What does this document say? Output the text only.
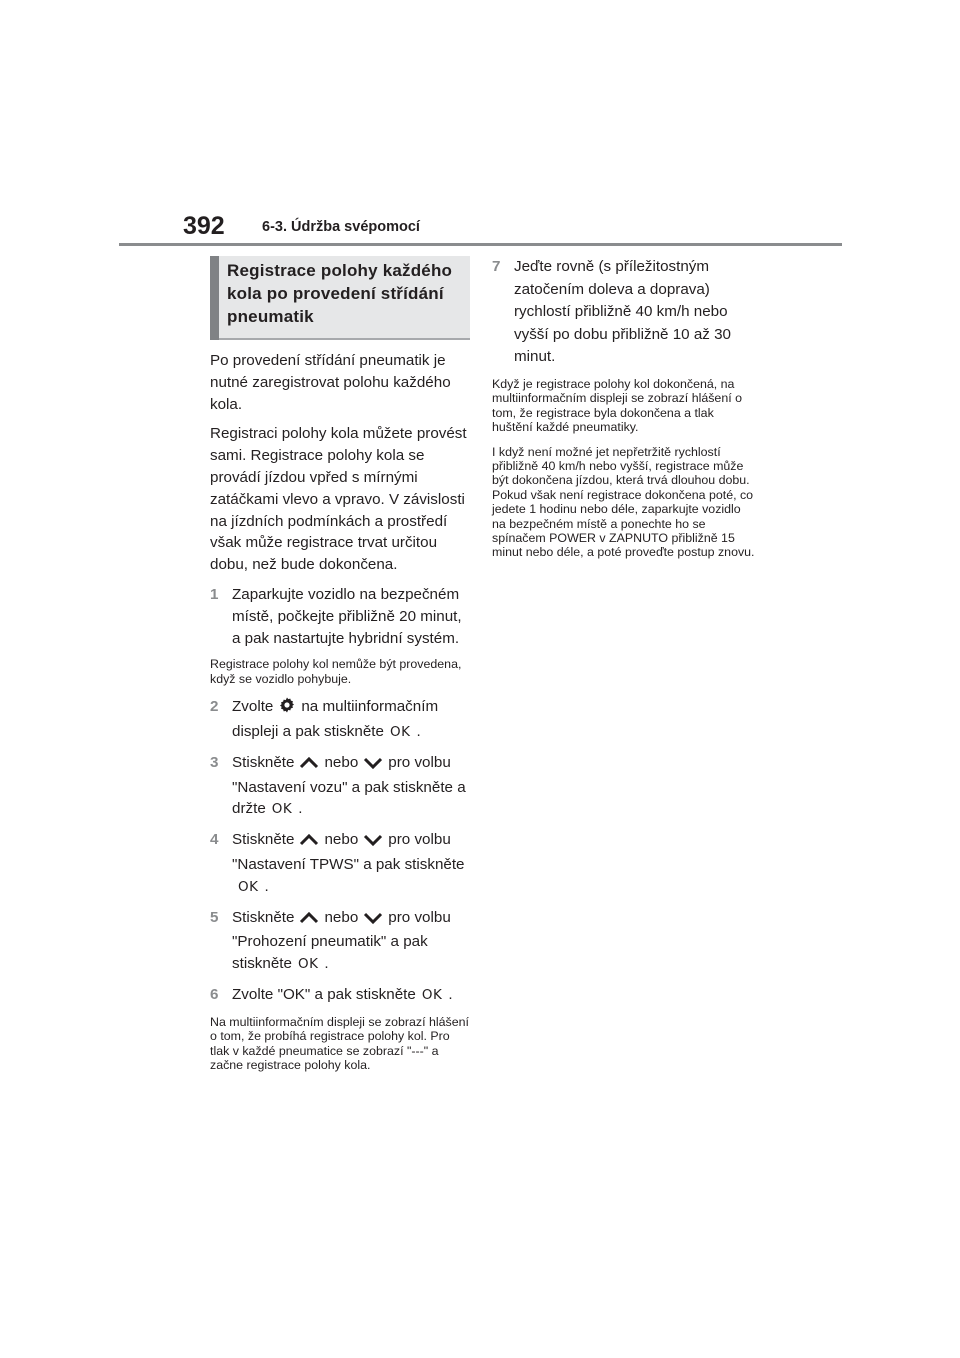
392	6-3. Údržba svépomocí
Registrace polohy každého kola po provedení střídání pneumatik

Po provedení střídání pneumatik je nutné zaregistrovat polohu každého kola.

Registraci polohy kola můžete provést sami. Registrace polohy kola se provádí jízdou vpřed s mírnými zatáčkami vlevo a vpravo. V závislosti na jízdních podmínkách a prostředí však může registrace trvat určitou dobu, než bude dokončena.

1 Zaparkujte vozidlo na bezpečném místě, počkejte přibližně 20 minut, a pak nastartujte hybridní systém.

Registrace polohy kol nemůže být provedena, když se vozidlo pohybuje.

2 Zvolte na multiinformačním displeji a pak stiskněte OK .
3 Stiskněte nebo pro volbu "Nastavení vozu" a pak stiskněte a držte OK .
4 Stiskněte nebo pro volbu "Nastavení TPWS" a pak stiskněteOK .
5 Stiskněte nebo pro volbu "Prohození pneumatik" a pak stiskněte OK .
6 Zvolte "OK" a pak stiskněte OK .

Na multiinformačním displeji se zobrazí hlášení o tom, že probíhá registrace polohy kol. Pro tlak v každé pneumatice se zobrazí "---" a začne registrace polohy kola.

7 Jeďte rovně (s příležitostným zatočením doleva a doprava) rychlostí přibližně 40 km/h nebo vyšší po dobu přibližně 10 až 30 minut.

Když je registrace polohy kol dokončená, na multiinformačním displeji se zobrazí hlášení o tom, že registrace byla dokončena a tlak huštění každé pneumatiky.

I když není možné jet nepřetržitě rychlostí přibližně 40 km/h nebo vyšší, registrace může být dokončena jízdou, která trvá dlouhou dobu. Pokud však není registrace dokončena poté, co jedete 1 hodinu nebo déle, zaparkujte vozidlo na bezpečném místě a ponechte ho se spínačem POWER v ZAPNUTO přibližně 15 minut nebo déle, a poté proveďte postup znovu.
